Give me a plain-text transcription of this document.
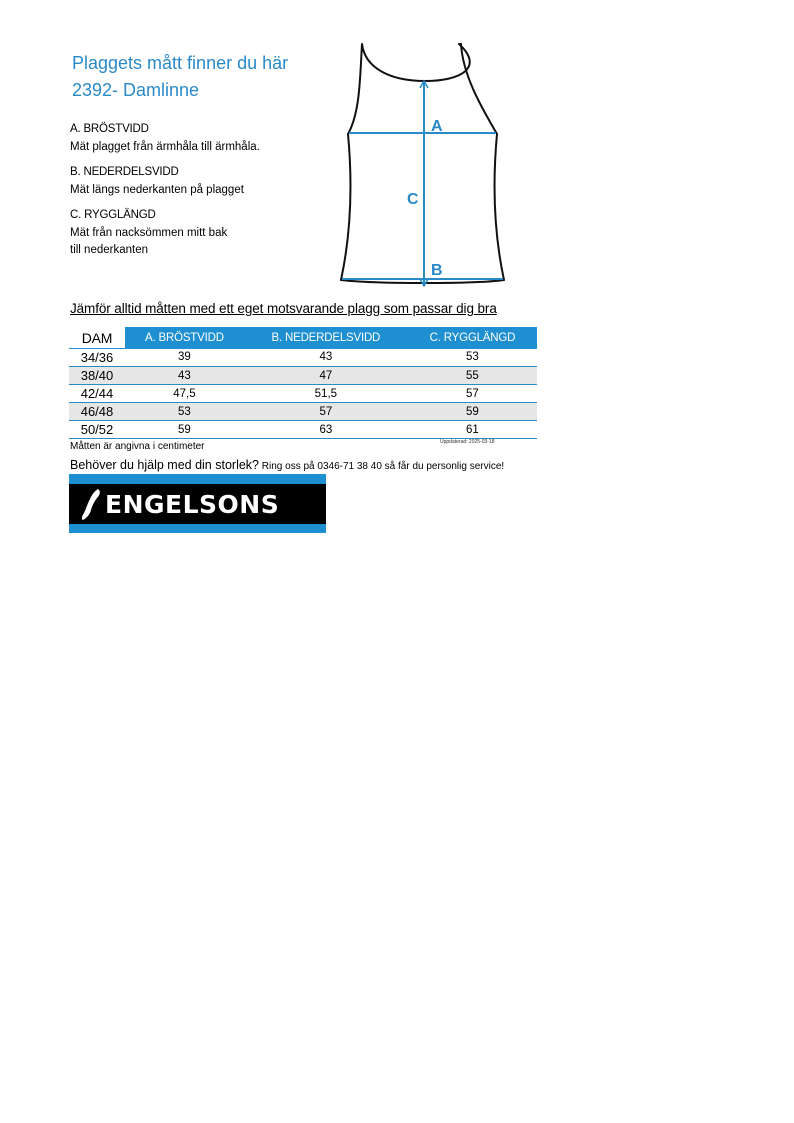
Plaggets mått finner du här
2392- Damlinne
A. BRÖSTVIDD
Mät plagget från ärmhåla till ärmhåla.
B. NEDERDELSVIDD
Mät längs nederkanten på plagget
C. RYGGLÄNGD
Mät från nacksömmen mitt bak
till nederkanten
A
C
B
Jämför alltid måtten med ett eget motsvarande plagg som passar dig bra
DAM	A. BRÖSTVIDD	B. NEDERDELSVIDD	C. RYGGLÄNGD
34/36	39	43	53
38/40	43	47	55
42/44	47,5	51,5	57
46/48	53	57	59
50/52	59	63	61
Måtten är angivna i centimeter	Uppdaterad: 2025-03-18
Behöver du hjälp med din storlek? Ring oss på 0346-71 38 40 så får du personlig service!
ENGELSONS
